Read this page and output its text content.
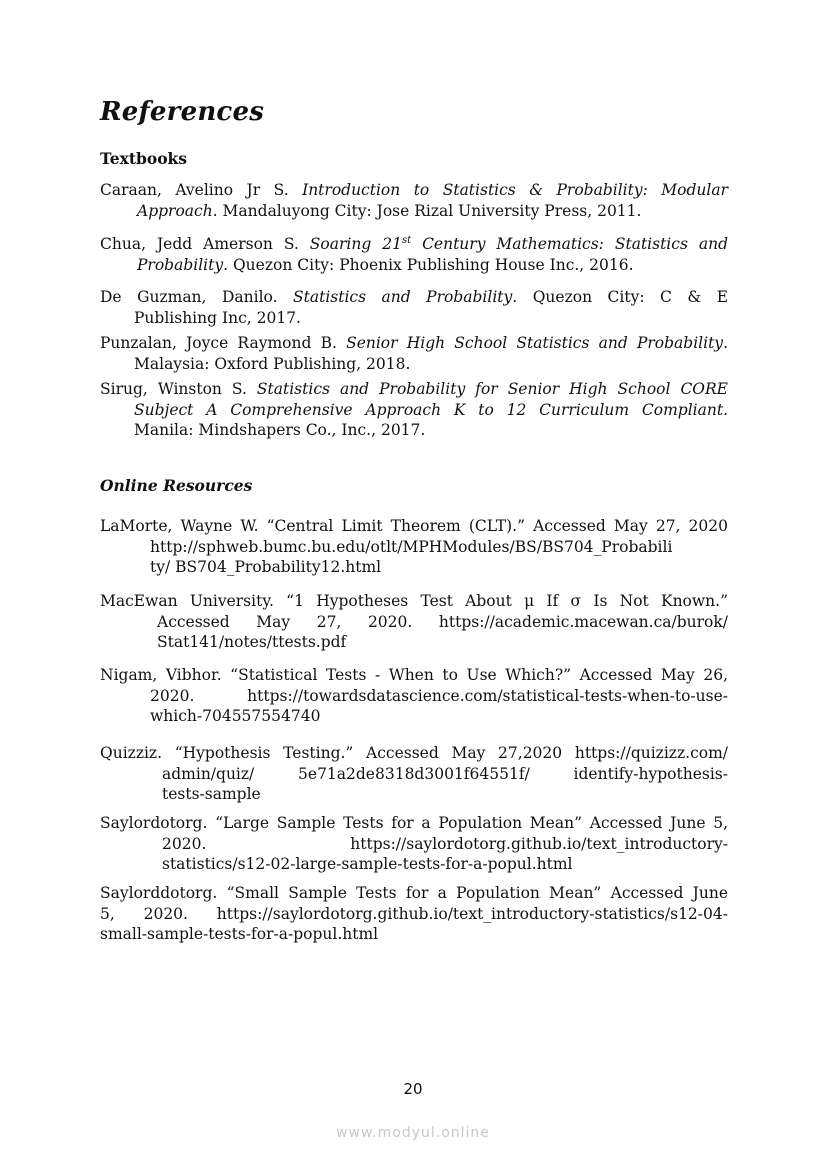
References
Textbooks

Caraan, Avelino Jr S. Introduction to Statistics & Probability: Modular
Approach. Mandaluyong City: Jose Rizal University Press, 2011.

Chua, Jedd Amerson S. Soaring 21st Century Mathematics: Statistics and
Probability. Quezon City: Phoenix Publishing House Inc., 2016.

De Guzman, Danilo. Statistics and Probability. Quezon City: C & E
Publishing Inc, 2017.

Punzalan, Joyce Raymond B. Senior High School Statistics and Probability.
Malaysia: Oxford Publishing, 2018.

Sirug, Winston S. Statistics and Probability for Senior High School CORE
Subject A Comprehensive Approach K to 12 Curriculum Compliant.
Manila: Mindshapers Co., Inc., 2017.

Online Resources

LaMorte, Wayne W. “Central Limit Theorem (CLT).” Accessed May 27, 2020
http://sphweb.bumc.bu.edu/otlt/MPHModules/BS/BS704_Probabili
ty/ BS704_Probability12.html

MacEwan University. “1 Hypotheses Test About μ If σ Is Not Known.”
Accessed May 27, 2020. https://academic.macewan.ca/burok/
Stat141/notes/ttests.pdf

Nigam, Vibhor. “Statistical Tests - When to Use Which?” Accessed May 26,
2020. https://towardsdatascience.com/statistical-tests-when-to-use-
which-704557554740

Quizziz. “Hypothesis Testing.” Accessed May 27,2020 https://quizizz.com/
admin/quiz/ 5e71a2de8318d3001f64551f/ identify-hypothesis-
tests-sample

Saylordotorg. “Large Sample Tests for a Population Mean” Accessed June 5,
2020. https://saylordotorg.github.io/text_introductory-
statistics/s12-02-large-sample-tests-for-a-popul.html

Saylorddotorg. “Small Sample Tests for a Population Mean” Accessed June
5, 2020. https://saylordotorg.github.io/text_introductory-statistics/s12-04-
small-sample-tests-for-a-popul.html

20
www.modyul.online
